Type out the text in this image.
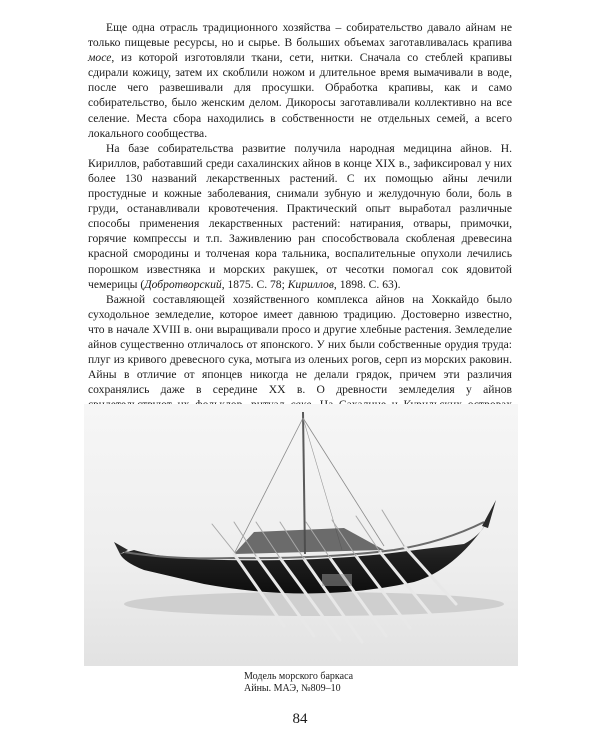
Еще одна отрасль традиционного хозяйства – собирательство давало айнам не только пищевые ресурсы, но и сырье. В больших объемах заготавливалась крапива мосе, из которой изготовляли ткани, сети, нитки. Сначала со стеблей крапивы сдирали кожицу, затем их скоблили ножом и длительное время вымачивали в воде, после чего развешивали для просушки. Обработка крапивы, как и само собирательство, было женским делом. Дикоросы заготавливали коллективно на все селение. Места сбора находились в собственности не отдельных семей, а всего локального сообщества.

На базе собирательства развитие получила народная медицина айнов. Н. Кириллов, работавший среди сахалинских айнов в конце XIX в., зафиксировал у них более 130 названий лекарственных растений. С их помощью айны лечили простудные и кожные заболевания, снимали зубную и желудочную боли, боль в груди, останавливали кровотечения. Практический опыт выработал различные способы применения лекарственных растений: натирания, отвары, примочки, горячие компрессы и т.п. Заживлению ран способствовала скобленая древесина красной смородины и толченая кора тальника, воспалительные опухоли лечились порошком известняка и морских ракушек, от чесотки помогал сок ядовитой чемерицы (Добротворский, 1875. С. 78; Кириллов, 1898. С. 63).

Важной составляющей хозяйственного комплекса айнов на Хоккайдо было суходольное земледелие, которое имеет давнюю традицию. Достоверно известно, что в начале XVIII в. они выращивали просо и другие хлебные растения. Земледелие айнов существенно отличалось от японского. У них были собственные орудия труда: плуг из кривого древесного сука, мотыга из оленьих рогов, серп из морских раковин. Айны в отличие от японцев никогда не делали грядок, причем эти различия сохранялись даже в середине XX в. О древности земледелия у айнов

Модель морского баркаса
Айны. МАЭ, №809–10
84
